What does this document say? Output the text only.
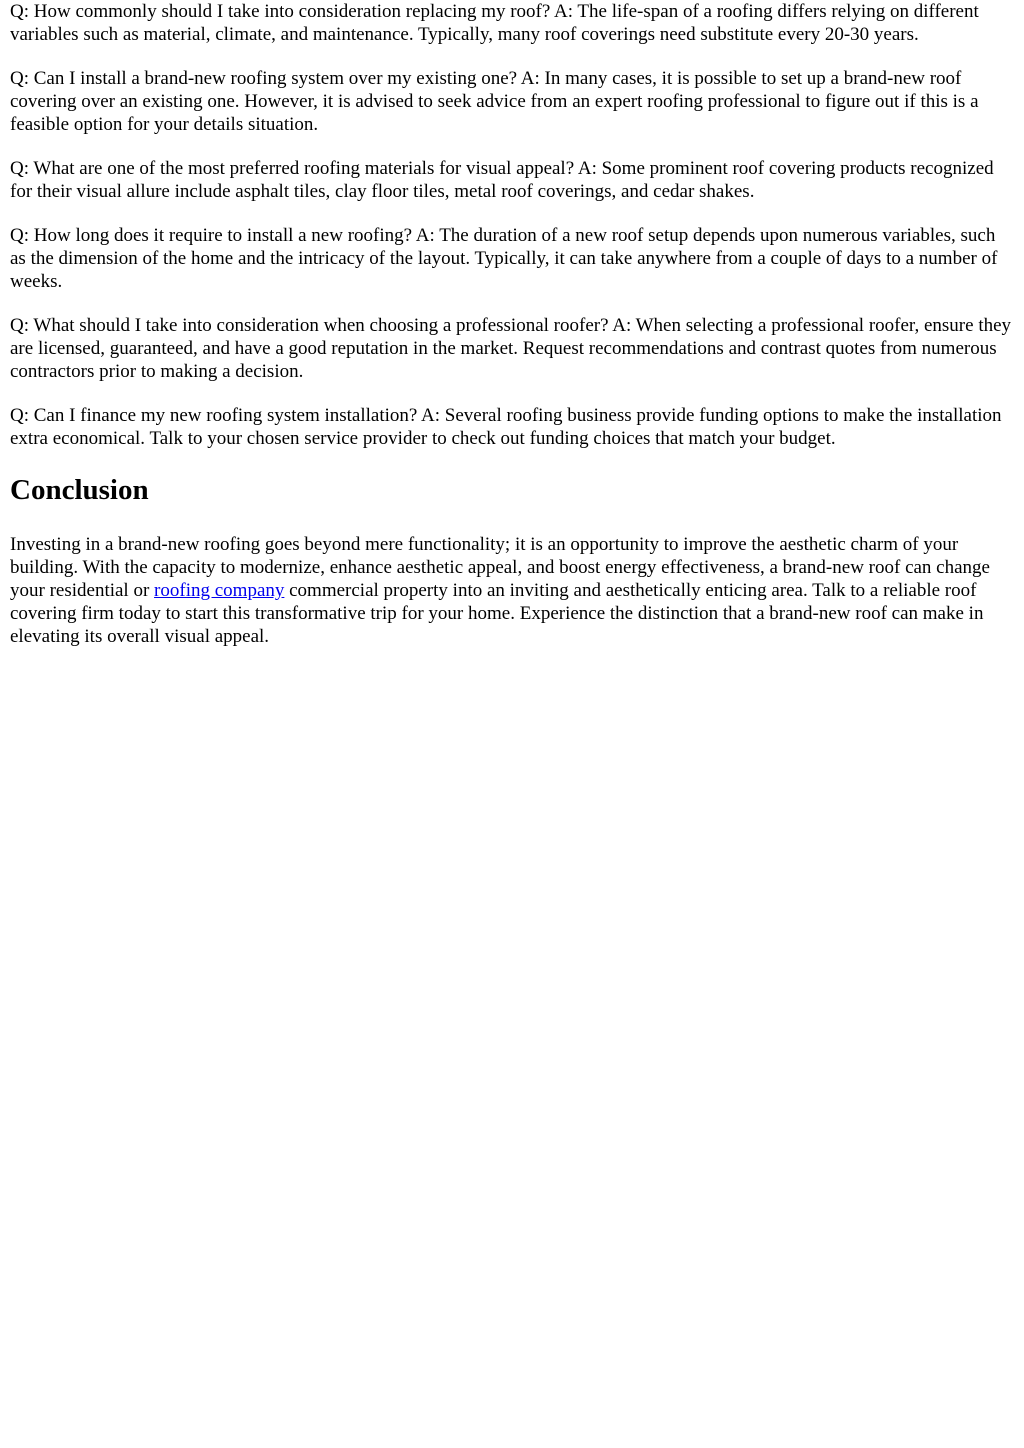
Q: How commonly should I take into consideration replacing my roof? A: The life-span of a roofing differs relying on different variables such as material, climate, and maintenance. Typically, many roof coverings need substitute every 20-30 years.

Q: Can I install a brand-new roofing system over my existing one? A: In many cases, it is possible to set up a brand-new roof covering over an existing one. However, it is advised to seek advice from an expert roofing professional to figure out if this is a feasible option for your details situation.

Q: What are one of the most preferred roofing materials for visual appeal? A: Some prominent roof covering products recognized for their visual allure include asphalt tiles, clay floor tiles, metal roof coverings, and cedar shakes.

Q: How long does it require to install a new roofing? A: The duration of a new roof setup depends upon numerous variables, such as the dimension of the home and the intricacy of the layout. Typically, it can take anywhere from a couple of days to a number of weeks.

Q: What should I take into consideration when choosing a professional roofer? A: When selecting a professional roofer, ensure they are licensed, guaranteed, and have a good reputation in the market. Request recommendations and contrast quotes from numerous contractors prior to making a decision.

Q: Can I finance my new roofing system installation? A: Several roofing business provide funding options to make the installation extra economical. Talk to your chosen service provider to check out funding choices that match your budget.

Conclusion

Investing in a brand-new roofing goes beyond mere functionality; it is an opportunity to improve the aesthetic charm of your building. With the capacity to modernize, enhance aesthetic appeal, and boost energy effectiveness, a brand-new roof can change your residential or roofing company commercial property into an inviting and aesthetically enticing area. Talk to a reliable roof covering firm today to start this transformative trip for your home. Experience the distinction that a brand-new roof can make in elevating its overall visual appeal.
